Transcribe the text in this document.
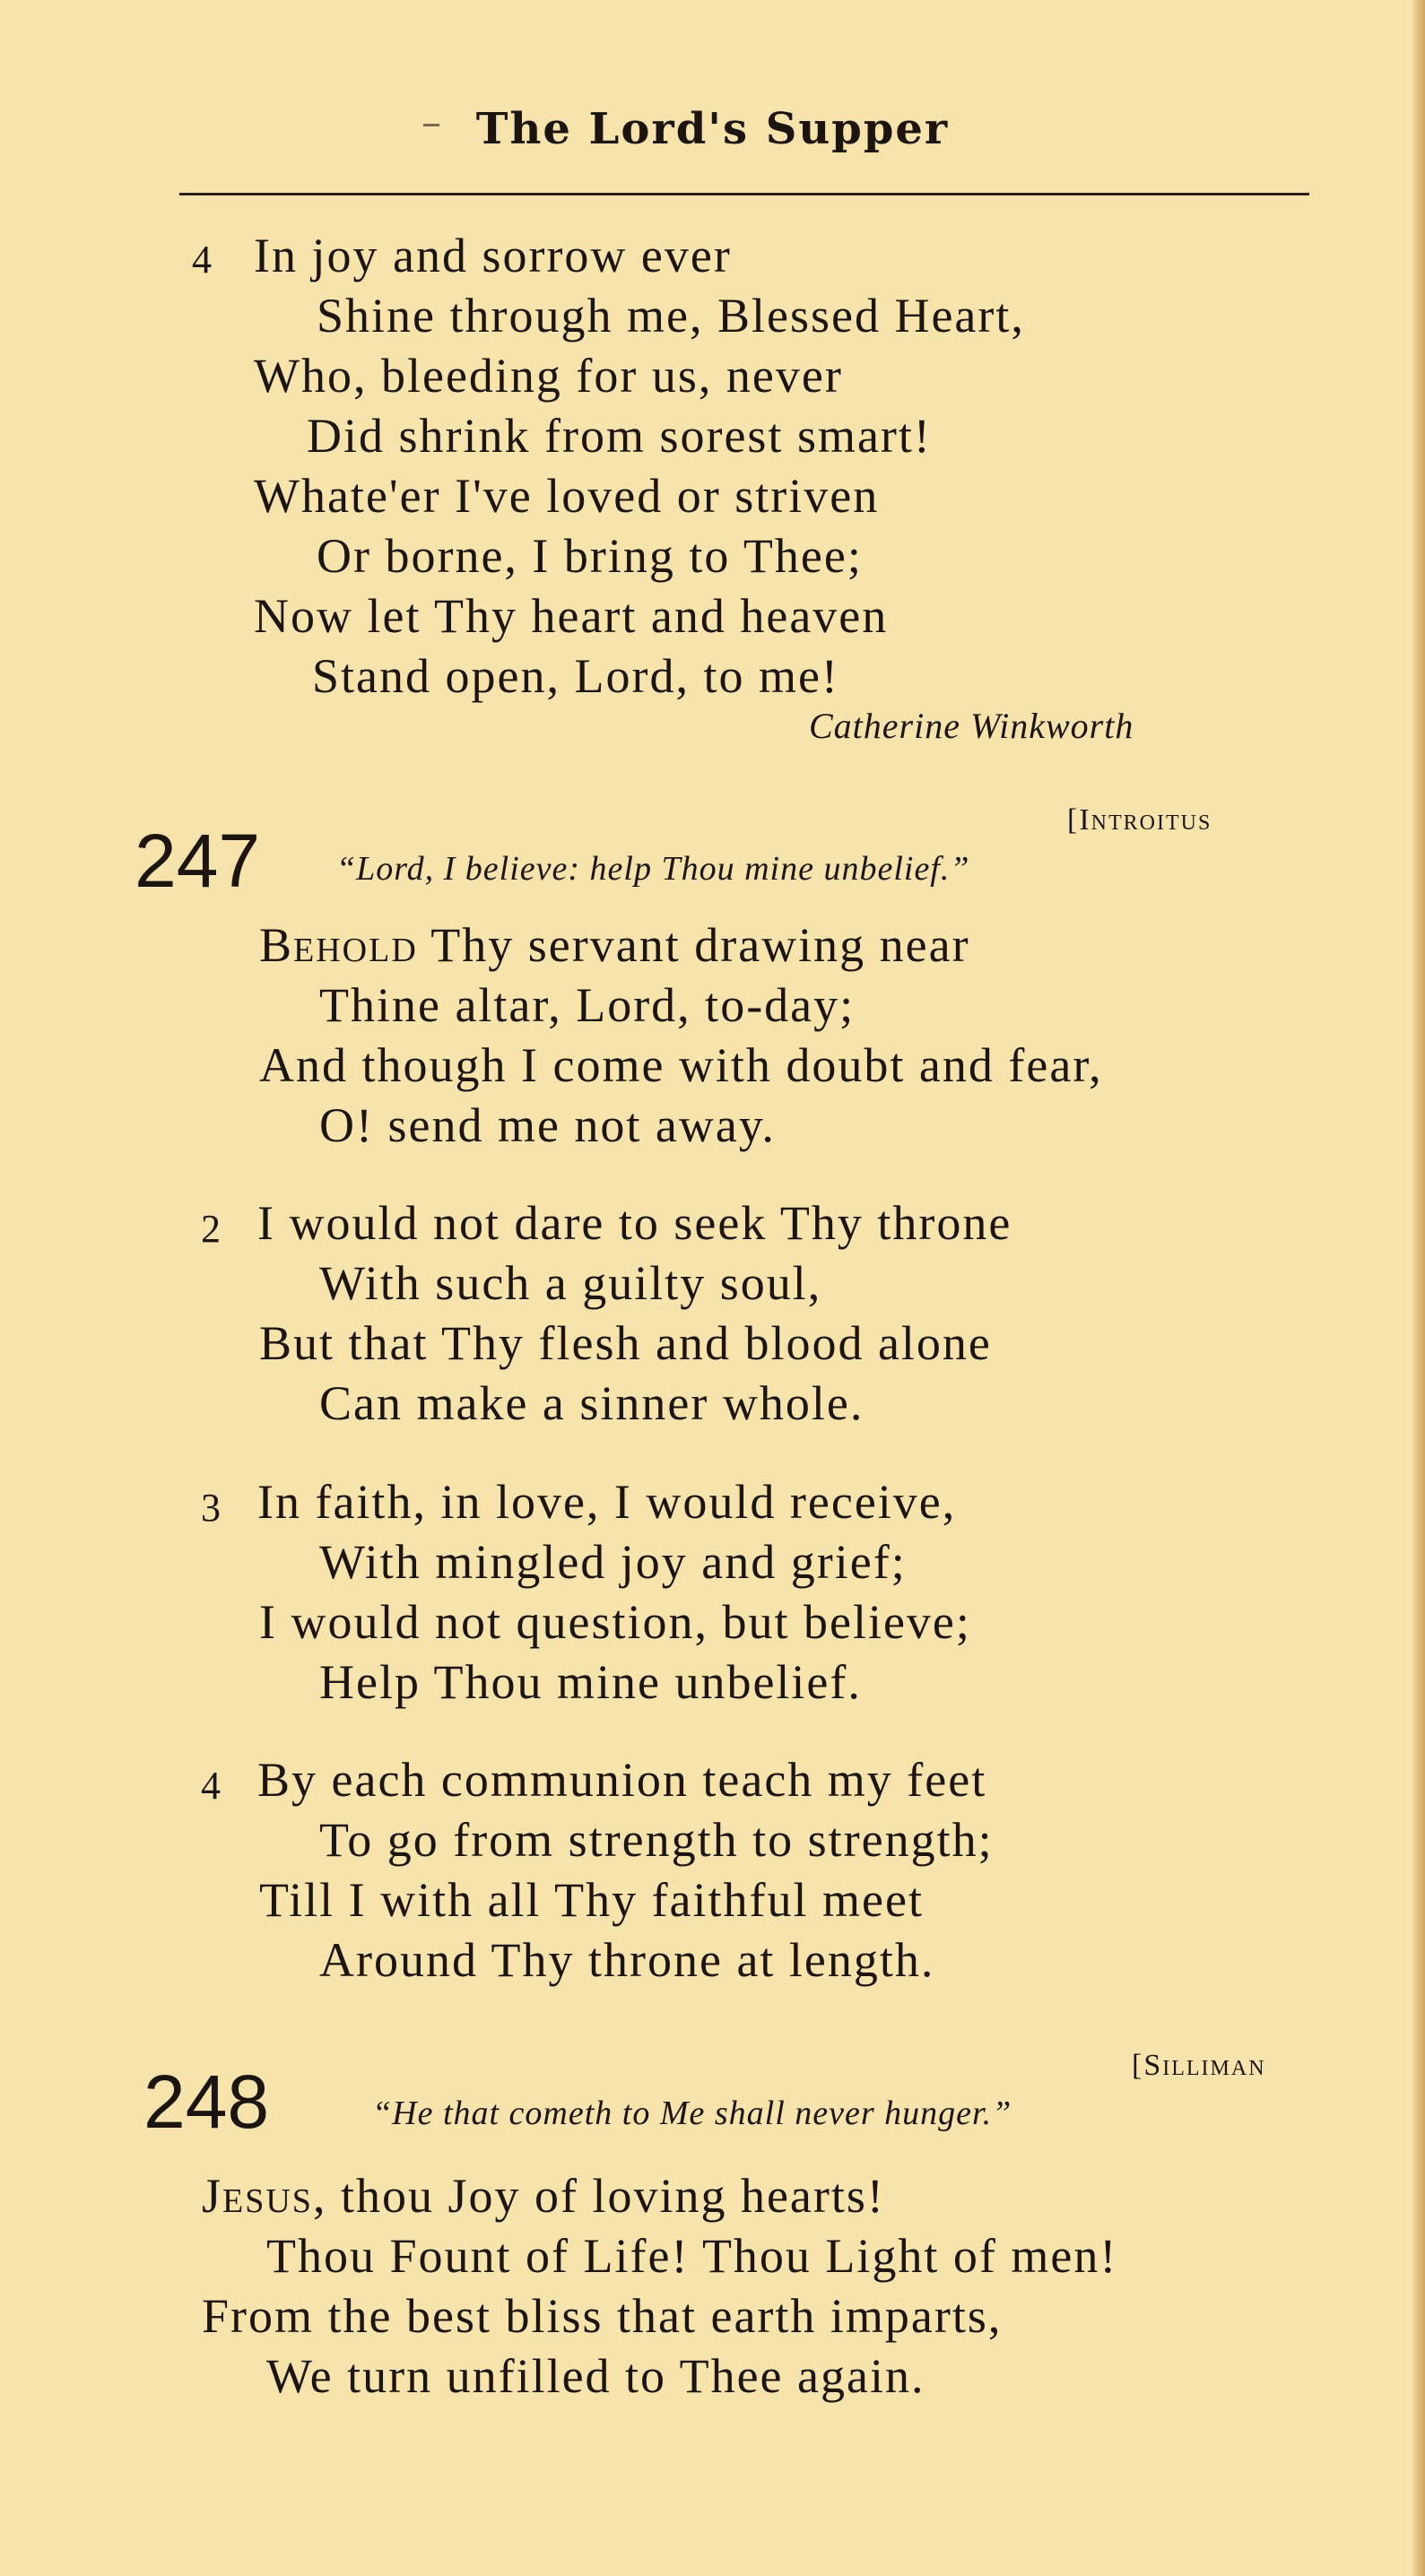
The Lord's Supper
4 In joy and sorrow ever
Shine through me, Blessed Heart,
Who, bleeding for us, never
Did shrink from sorest smart!
Whate'er I've loved or striven
Or borne, I bring to Thee;
Now let Thy heart and heaven
Stand open, Lord, to me!
Catherine Winkworth
[Introitus
247 “Lord, I believe: help Thou mine unbelief.”
Behold Thy servant drawing near
Thine altar, Lord, to-day;
And though I come with doubt and fear,
O! send me not away.
2 I would not dare to seek Thy throne
With such a guilty soul,
But that Thy flesh and blood alone
Can make a sinner whole.
3 In faith, in love, I would receive,
With mingled joy and grief;
I would not question, but believe;
Help Thou mine unbelief.
4 By each communion teach my feet
To go from strength to strength;
Till I with all Thy faithful meet
Around Thy throne at length.
[Silliman
248	“He that cometh to Me shall never hunger.”
Jesus, thou Joy of loving hearts!
Thou Fount of Life! Thou Light of men!
From the best bliss that earth imparts,
We turn unfilled to Thee again.
